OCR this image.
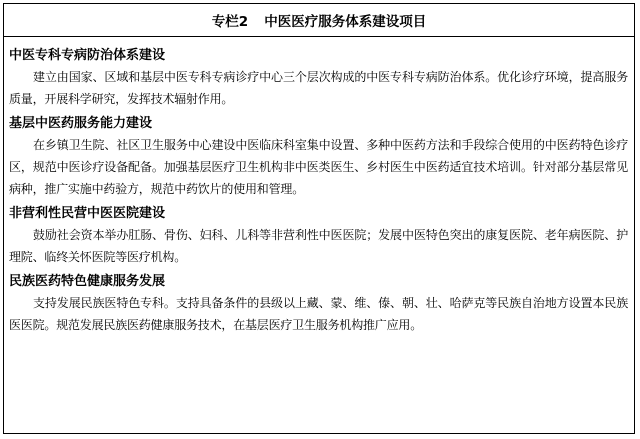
专栏2 中医医疗服务体系建设项目
中医专科专病防治体系建设

建立由国家、区域和基层中医专科专病诊疗中心三个层次构成的中医专科专病防治体系。优化诊疗环境，提高服务质量，开展科学研究，发挥技术辐射作用。

基层中医药服务能力建设

在乡镇卫生院、社区卫生服务中心建设中医临床科室集中设置、多种中医药方法和手段综合使用的中医药特色诊疗区，规范中医诊疗设备配备。加强基层医疗卫生机构非中医类医生、乡村医生中医药适宜技术培训。针对部分基层常见病种，推广实施中药验方，规范中药饮片的使用和管理。

非营利性民营中医医院建设

鼓励社会资本举办肛肠、骨伤、妇科、儿科等非营利性中医医院；发展中医特色突出的康复医院、老年病医院、护理院、临终关怀医院等医疗机构。

民族医药特色健康服务发展

支持发展民族医特色专科。支持具备条件的县级以上藏、蒙、维、傣、朝、壮、哈萨克等民族自治地方设置本民族医医院。规范发展民族医药健康服务技术，在基层医疗卫生服务机构推广应用。
